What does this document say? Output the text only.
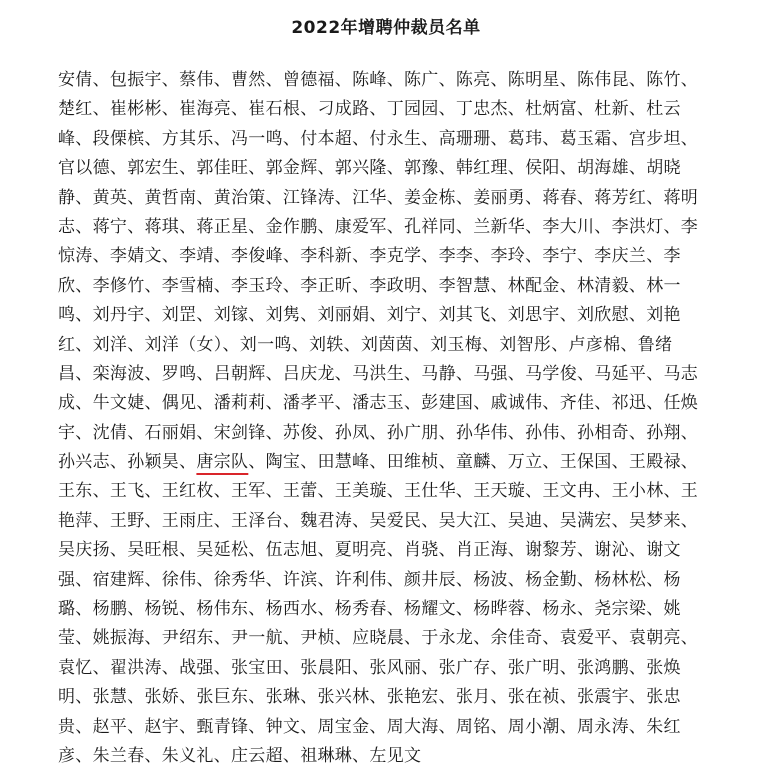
2022年增聘仲裁员名单
安倩、包振宇、蔡伟、曹然、曾德福、陈峰、陈广、陈亮、陈明星、陈伟昆、陈竹、
楚红、崔彬彬、崔海亮、崔石根、刁成路、丁园园、丁忠杰、杜炳富、杜新、杜云
峰、段傈槟、方其乐、冯一鸣、付本超、付永生、高珊珊、葛玮、葛玉霜、宫步坦、
官以德、郭宏生、郭佳旺、郭金辉、郭兴隆、郭豫、韩红理、侯阳、胡海雄、胡晓
静、黄英、黄哲南、黄治策、江锋涛、江华、姜金栋、姜丽勇、蒋春、蒋芳红、蒋明
志、蒋宁、蒋琪、蒋正星、金作鹏、康爱军、孔祥同、兰新华、李大川、李洪灯、李
惊涛、李婧文、李靖、李俊峰、李科新、李克学、李李、李玲、李宁、李庆兰、李
欣、李修竹、李雪楠、李玉玲、李正昕、李政明、李智慧、林配金、林清毅、林一
鸣、刘丹宇、刘罡、刘镓、刘隽、刘丽娟、刘宁、刘其飞、刘思宇、刘欣慰、刘艳
红、刘洋、刘洋（女）、刘一鸣、刘轶、刘茵茵、刘玉梅、刘智彤、卢彦棉、鲁绪
昌、栾海波、罗鸣、吕朝辉、吕庆龙、马洪生、马静、马强、马学俊、马延平、马志
成、牛文婕、偶见、潘莉莉、潘孝平、潘志玉、彭建国、戚诚伟、齐佳、祁迅、任焕
宇、沈倩、石丽娟、宋剑锋、苏俊、孙凤、孙广朋、孙华伟、孙伟、孙相奇、孙翔、
孙兴志、孙颖昊、唐宗队、陶宝、田慧峰、田维桢、童麟、万立、王保国、王殿禄、
王东、王飞、王红枚、王军、王蕾、王美璇、王仕华、王天璇、王文冉、王小林、王
艳萍、王野、王雨庄、王泽台、魏君涛、吴爱民、吴大江、吴迪、吴满宏、吴梦来、
吴庆扬、吴旺根、吴延松、伍志旭、夏明亮、肖骁、肖正海、谢黎芳、谢沁、谢文
强、宿建辉、徐伟、徐秀华、许滨、许利伟、颜井辰、杨波、杨金勤、杨林松、杨
璐、杨鹏、杨锐、杨伟东、杨西水、杨秀春、杨耀文、杨晔蓉、杨永、尧宗梁、姚
莹、姚振海、尹绍东、尹一航、尹桢、应晓晨、于永龙、余佳奇、袁爱平、袁朝亮、
袁忆、翟洪涛、战强、张宝田、张晨阳、张风丽、张广存、张广明、张鸿鹏、张焕
明、张慧、张娇、张巨东、张琳、张兴林、张艳宏、张月、张在祯、张震宇、张忠
贵、赵平、赵宇、甄青锋、钟文、周宝金、周大海、周铭、周小潮、周永涛、朱红
彦、朱兰春、朱义礼、庄云超、祖琳琳、左见文
